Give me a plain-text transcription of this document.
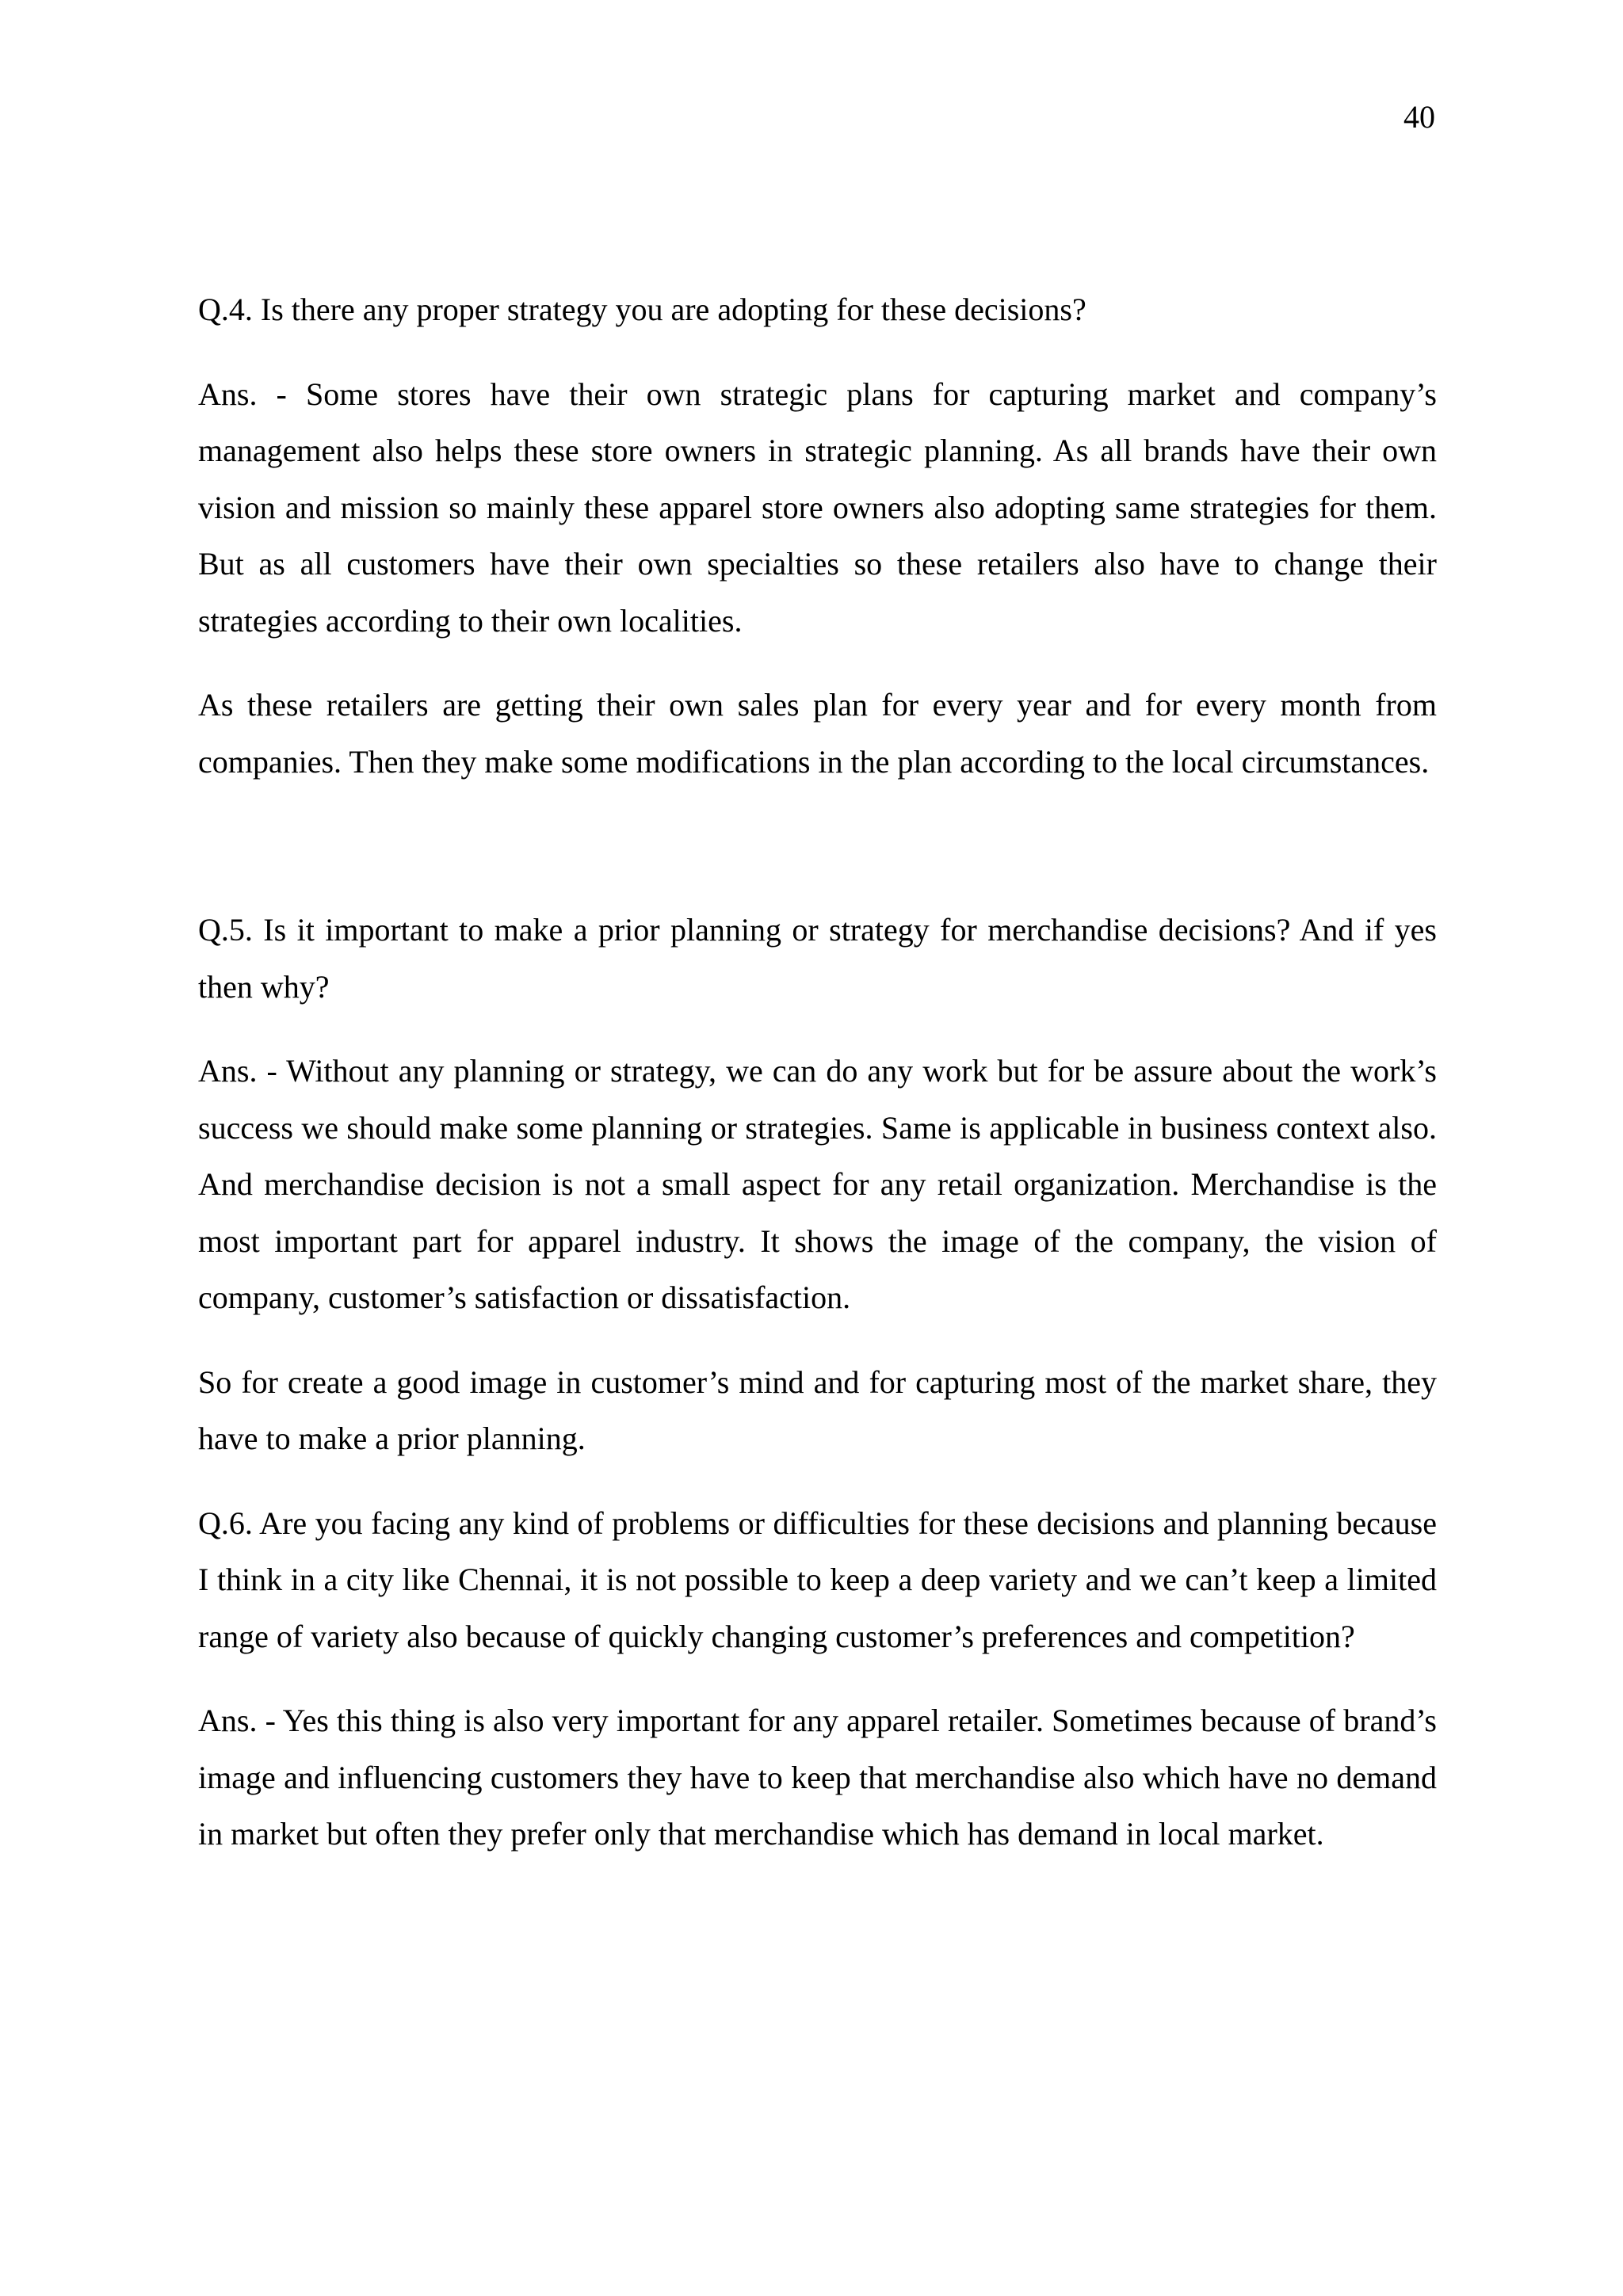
40

Q.4. Is there any proper strategy you are adopting for these decisions?

Ans. - Some stores have their own strategic plans for capturing market and company’s management also helps these store owners in strategic planning. As all brands have their own vision and mission so mainly these apparel store owners also adopting same strategies for them. But as all customers have their own specialties so these retailers also have to change their strategies according to their own localities.

As these retailers are getting their own sales plan for every year and for every month from companies. Then they make some modifications in the plan according to the local circumstances.

Q.5. Is it important to make a prior planning or strategy for merchandise decisions? And if yes then why?

Ans. - Without any planning or strategy, we can do any work but for be assure about the work’s success we should make some planning or strategies. Same is applicable in business context also. And merchandise decision is not a small aspect for any retail organization. Merchandise is the most important part for apparel industry. It shows the image of the company, the vision of company, customer’s satisfaction or dissatisfaction.

So for create a good image in customer’s mind and for capturing most of the market share, they have to make a prior planning.

Q.6. Are you facing any kind of problems or difficulties for these decisions and planning because I think in a city like Chennai, it is not possible to keep a deep variety and we can’t keep a limited range of variety also because of quickly changing customer’s preferences and competition?

Ans. - Yes this thing is also very important for any apparel retailer. Sometimes because of brand’s image and influencing customers they have to keep that merchandise also which have no demand in market but often they prefer only that merchandise which has demand in local market.
